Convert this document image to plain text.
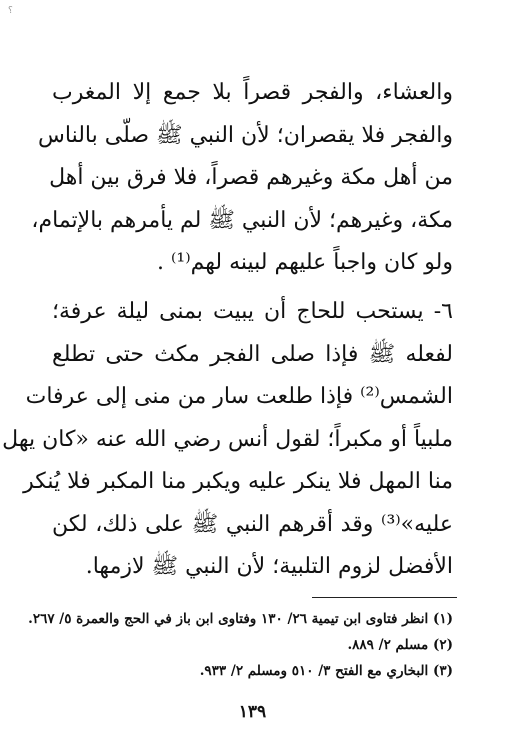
؟
والعشاء، والفجر قصراً بلا جمع إلا المغرب
والفجر فلا يقصران؛ لأن النبي ﷺ صلّى بالناس
من أهل مكة وغيرهم قصراً، فلا فرق بين أهل
مكة، وغيرهم؛ لأن النبي ﷺ لم يأمرهم بالإتمام،
ولو كان واجباً عليهم لبينه لهم⁽¹⁾ .
٦- يستحب للحاج أن يبيت بمنى ليلة عرفة؛
لفعله ﷺ فإذا صلى الفجر مكث حتى تطلع
الشمس⁽²⁾ فإذا طلعت سار من منى إلى عرفات
ملبياً أو مكبراً؛ لقول أنس رضي الله عنه «كان يهل
منا المهل فلا ينكر عليه ويكبر منا المكبر فلا يُنكر
عليه»⁽³⁾ وقد أقرهم النبي ﷺ على ذلك، لكن
الأفضل لزوم التلبية؛ لأن النبي ﷺ لازمها.
(١) انظر فتاوى ابن تيمية ٢٦/ ١٣٠ وفتاوى ابن باز في الحج والعمرة ٥/ ٢٦٧.
(٢) مسلم ٢/ ٨٨٩.
(٣) البخاري مع الفتح ٣/ ٥١٠ ومسلم ٢/ ٩٣٣.
١٣٩
